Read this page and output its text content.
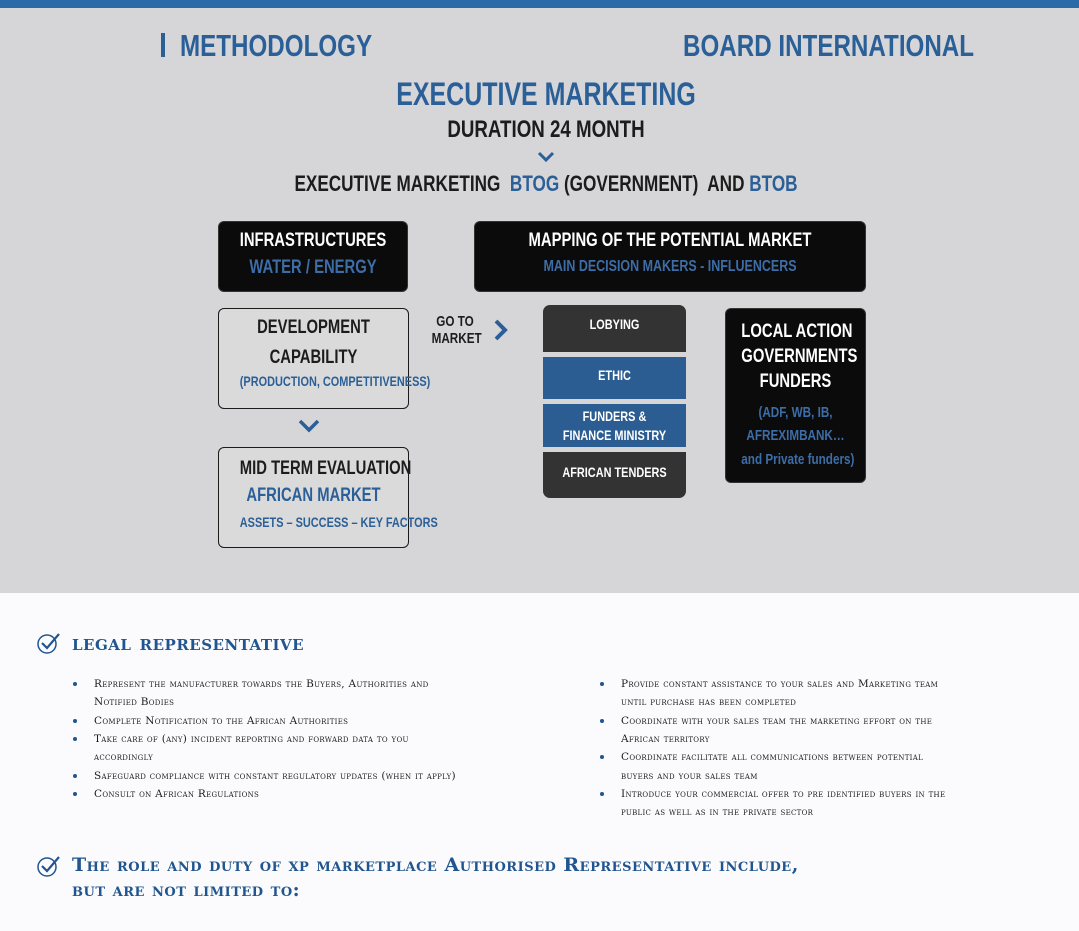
METHODOLOGY	BOARD INTERNATIONAL
EXECUTIVE MARKETING
DURATION 24 MONTH
EXECUTIVE MARKETING BTOG (GOVERNMENT) AND BTOB
INFRASTRUCTURES
WATER / ENERGY
MAPPING OF THE POTENTIAL MARKET
MAIN DECISION MAKERS - INFLUENCERS
DEVELOPMENT
CAPABILITY
(PRODUCTION, COMPETITIVENESS)
GO TO
MARKET
MID TERM EVALUATION
AFRICAN MARKET
ASSETS – SUCCESS – KEY FACTORS
LOBYING
ETHIC
FUNDERS &
FINANCE MINISTRY
AFRICAN TENDERS
LOCAL ACTION
GOVERNMENTS
FUNDERS
(ADF, WB, IB,
AFREXIMBANK…
and Private funders)
legal representative
Represent the manufacturer towards the Buyers, Authorities and
Notified Bodies
Complete Notification to the African Authorities
Take care of (any) incident reporting and forward data to you
accordingly
Safeguard compliance with constant regulatory updates (when it apply)
Consult on African Regulations
Provide constant assistance to your sales and Marketing team
until purchase has been completed
Coordinate with your sales team the marketing effort on the
African territory
Coordinate facilitate all communications between potential
buyers and your sales team
Introduce your commercial offer to pre identified buyers in the
public as well as in the private sector
The role and duty of xp marketplace Authorised Representative include,
but are not limited to:
